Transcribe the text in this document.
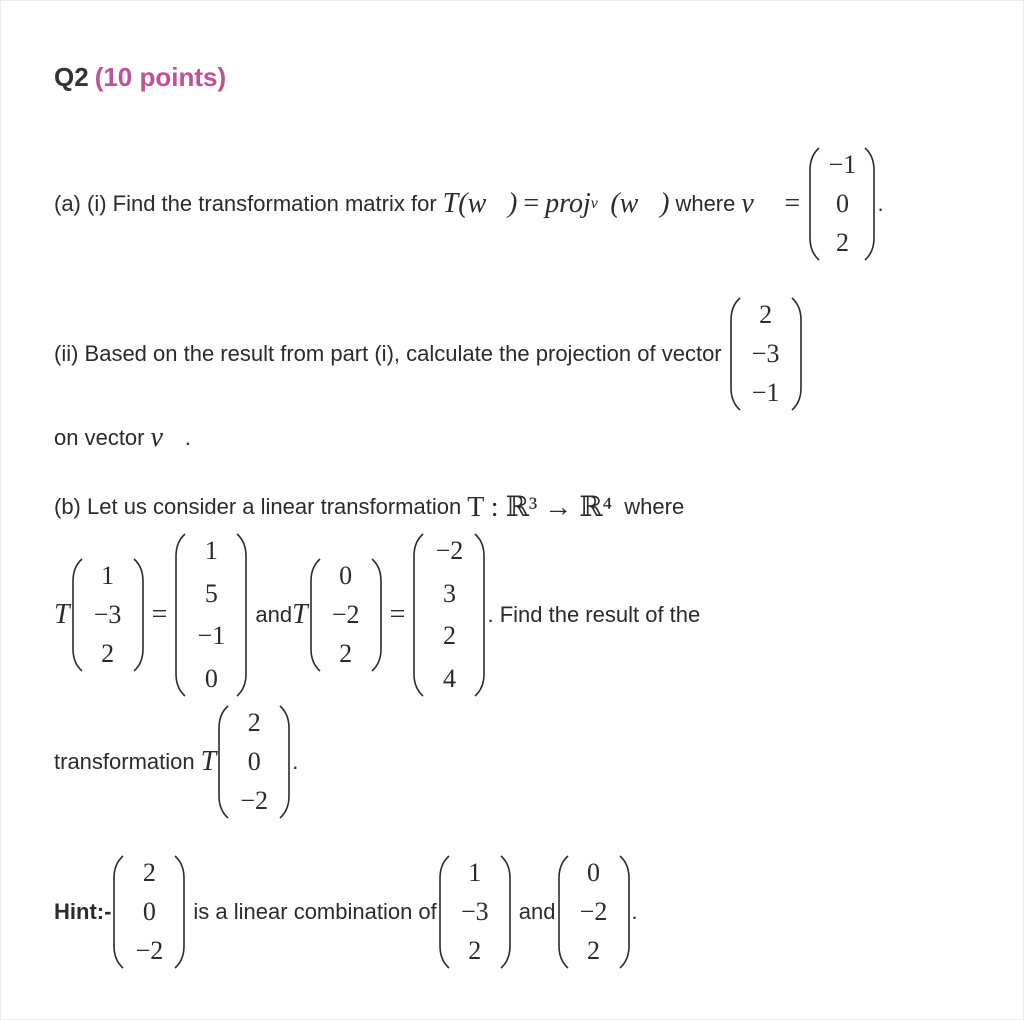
Q2 (10 points)
(a) (i) Find the transformation matrix for T(w⃗) = proj v⃗ (w⃗) where v⃗ =
−1
0
2
.
(ii) Based on the result from part (i), calculate the projection of vector
2
−3
−1
on vector v⃗ .
(b) Let us consider a linear transformation T : ℝ³ → ℝ⁴ where
T
1
−3
2
=
1
5
−1
0
and T
0
−2
2
=
−2
3
2
4
. Find the result of the
transformation T
2
0
−2
.
Hint:-
2
0
−2
is a linear combination of
1
−3
2
and
0
−2
2
.
